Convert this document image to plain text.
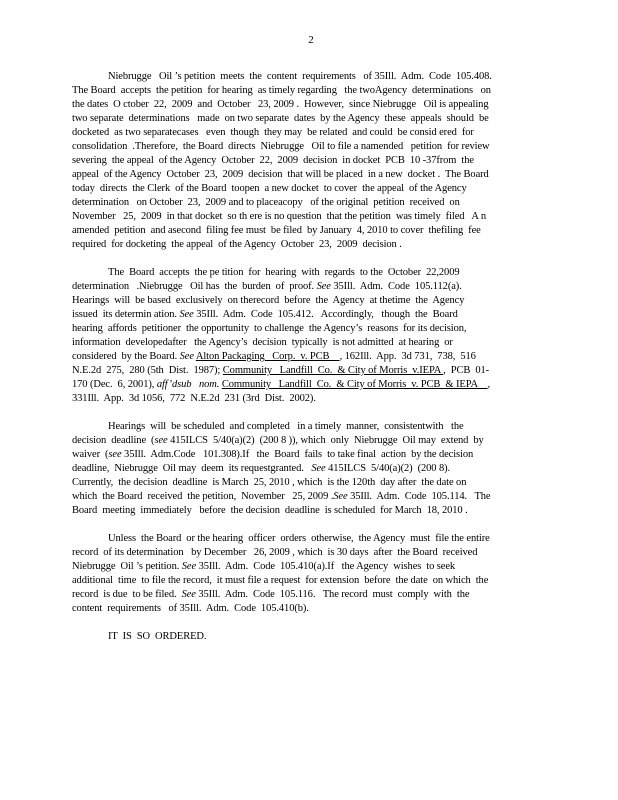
2
Niebrugge   Oil ’s petition  meets  the  content  requirements   of 35Ill.  Adm.  Code  105.408.
The Board  accepts  the petition  for hearing  as timely regarding   the twoAgency  determinations   on
the dates  O ctober  22,  2009  and  October   23, 2009 .  However,  since Niebrugge   Oil is appealing
two separate  determinations   made  on two separate  dates  by the Agency  these  appeals  should  be
docketed  as two separatecases   even  though  they may  be related  and could  be consid ered  for
consolidation  .Therefore,  the Board  directs  Niebrugge   Oil to file a namended   petition  for review
severing  the appeal  of the Agency  October  22,  2009  decision  in docket  PCB  10 -37from  the
appeal  of the Agency  October  23,  2009  decision  that will be placed  in a new  docket .  The Board
today  directs  the Clerk  of the Board  toopen  a new docket  to cover  the appeal  of the Agency
determination   on October  23,  2009 and to placeacopy   of the original  petition  received  on
November   25,  2009  in that docket  so th ere is no question  that the petition  was timely  filed   A n
amended  petition  and asecond  filing fee must  be filed  by January  4, 2010 to cover  thefiling  fee
required  for docketing  the appeal  of the Agency  October  23,  2009  decision .
The  Board  accepts  the pe tition  for  hearing  with  regards  to the  October  22,2009
determination   .Niebrugge   Oil has  the  burden  of  proof. See 35Ill.  Adm.  Code  105.112(a).
Hearings  will  be based  exclusively  on therecord  before  the  Agency  at thetime  the  Agency
issued  its determin ation. See 35Ill.  Adm.  Code  105.412.   Accordingly,   though  the  Board
hearing  affords  petitioner  the opportunity  to challenge  the Agency’s  reasons  for its decision,
information  developedafter   the Agency’s  decision  typically  is not admitted  at hearing  or
considered  by the Board. See Alton Packaging   Corp.  v. PCB    , 162Ill.  App.  3d 731,  738,  516
N.E.2d  275,  280 (5th  Dist.  1987); Community   Landfill  Co.  & City of Morris  v.IEPA ,  PCB  01-
170 (Dec.  6, 2001), aff’dsub   nom. Community   Landfill  Co.  & City of Morris  v. PCB  & IEPA    ,
331Ill.  App.  3d 1056,  772  N.E.2d  231 (3rd  Dist.  2002).
Hearings  will  be scheduled  and completed   in a timely  manner,  consistentwith   the
decision  deadline  (see 415ILCS  5/40(a)(2)  (200 8 )), which  only  Niebrugge  Oil may  extend  by
waiver  (see 35Ill.  Adm.Code   101.308).If   the  Board  fails  to take final  action  by the decision
deadline,  Niebrugge  Oil may  deem  its requestgranted.   See 415ILCS  5/40(a)(2)  (200 8).
Currently,  the decision  deadline  is March  25, 2010 , which  is the 120th  day after  the date on
which  the Board  received  the petition,  November   25, 2009 .See 35Ill.  Adm.  Code  105.114.   The
Board  meeting  immediately   before  the decision  deadline  is scheduled  for March  18, 2010 .
Unless  the Board  or the hearing  officer  orders  otherwise,  the Agency  must  file the entire
record  of its determination   by December   26, 2009 , which  is 30 days  after  the Board  received
Niebrugge  Oil ’s petition. See 35Ill.  Adm.  Code  105.410(a).If   the Agency  wishes  to seek
additional  time  to file the record,  it must file a request  for extension  before  the date  on which  the
record  is due  to be filed.  See 35Ill.  Adm.  Code  105.116.   The record  must  comply  with  the
content  requirements   of 35Ill.  Adm.  Code  105.410(b).
IT  IS  SO  ORDERED.
